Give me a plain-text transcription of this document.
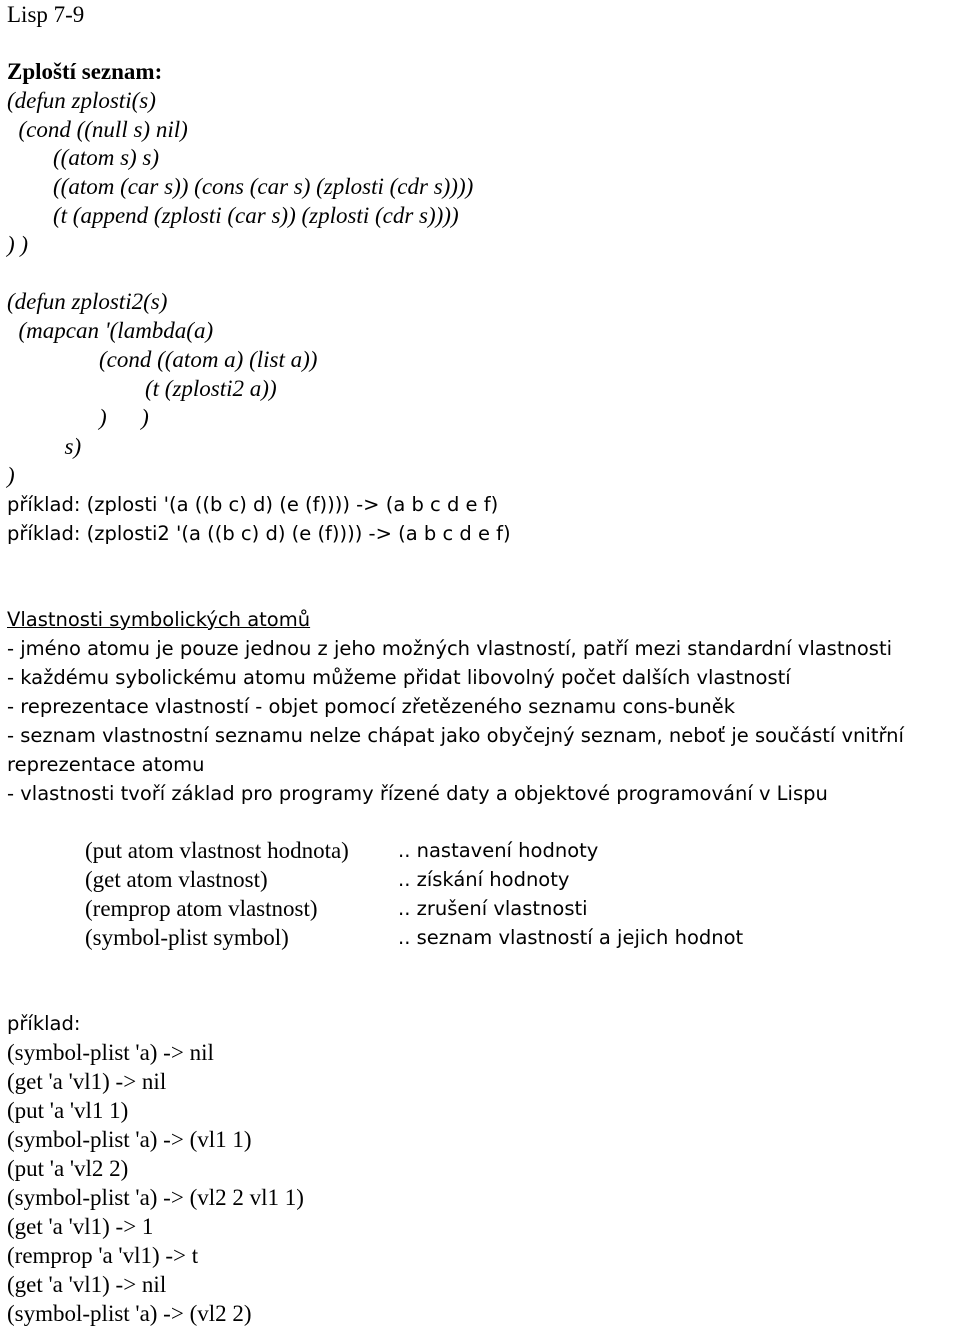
Lisp 7-9
Zploští seznam:
(defun zplosti(s)
(cond ((null s) nil)
((atom s) s)
((atom (car s)) (cons (car s) (zplosti (cdr s))))
(t (append (zplosti (car s)) (zplosti (cdr s))))
) )
(defun zplosti2(s)
(mapcan '(lambda(a)
(cond ((atom a) (list a))
(t (zplosti2 a))
)      )
s)
)
příklad: (zplosti '(a ((b c) d) (e (f)))) -> (a b c d e f)
příklad: (zplosti2 '(a ((b c) d) (e (f)))) -> (a b c d e f)
Vlastnosti symbolických atomů
- jméno atomu je pouze jednou z jeho možných vlastností, patří mezi standardní vlastnosti
- každému sybolickému atomu můžeme přidat libovolný počet dalších vlastností
- reprezentace vlastností - objet pomocí zřetězeného seznamu cons-buněk
- seznam vlastnostní seznamu nelze chápat jako obyčejný seznam, neboť je součástí vnitřní
reprezentace atomu
- vlastnosti tvoří základ pro programy řízené daty a objektové programování v Lispu
(put atom vlastnost hodnota)	.. nastavení hodnoty
(get atom vlastnost)	.. získání hodnoty
(remprop atom vlastnost)	.. zrušení vlastnosti
(symbol-plist symbol)	.. seznam vlastností a jejich hodnot
příklad:
(symbol-plist 'a) -> nil
(get 'a 'vl1) -> nil
(put 'a 'vl1 1)
(symbol-plist 'a) -> (vl1 1)
(put 'a 'vl2 2)
(symbol-plist 'a) -> (vl2 2 vl1 1)
(get 'a 'vl1) -> 1
(remprop 'a 'vl1) -> t
(get 'a 'vl1) -> nil
(symbol-plist 'a) -> (vl2 2)
